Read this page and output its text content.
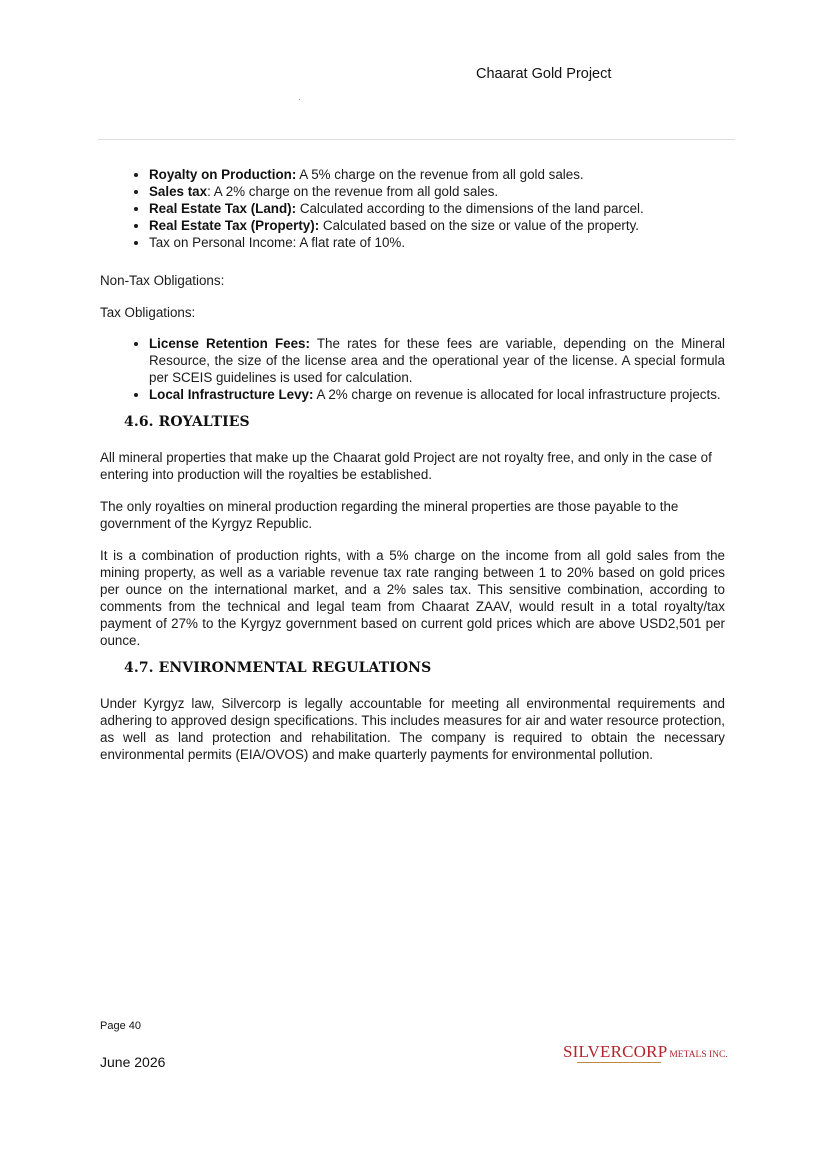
Chaarat Gold Project
• Royalty on Production: A 5% charge on the revenue from all gold sales.
• Sales tax: A 2% charge on the revenue from all gold sales.
• Real Estate Tax (Land): Calculated according to the dimensions of the land parcel.
• Real Estate Tax (Property): Calculated based on the size or value of the property.
• Tax on Personal Income: A flat rate of 10%.

Non-Tax Obligations:

Tax Obligations:

• License Retention Fees: The rates for these fees are variable, depending on the Mineral Resource, the size of the license area and the operational year of the license. A special formula per SCEIS guidelines is used for calculation.
• Local Infrastructure Levy: A 2% charge on revenue is allocated for local infrastructure projects.
4.6. ROYALTIES

All mineral properties that make up the Chaarat gold Project are not royalty free, and only in the case of entering into production will the royalties be established.

The only royalties on mineral production regarding the mineral properties are those payable to the government of the Kyrgyz Republic.

It is a combination of production rights, with a 5% charge on the income from all gold sales from the mining property, as well as a variable revenue tax rate ranging between 1 to 20% based on gold prices per ounce on the international market, and a 2% sales tax. This sensitive combination, according to comments from the technical and legal team from Chaarat ZAAV, would result in a total royalty/tax payment of 27% to the Kyrgyz government based on current gold prices which are above USD2,501 per ounce.

4.7. ENVIRONMENTAL REGULATIONS

Under Kyrgyz law, Silvercorp is legally accountable for meeting all environmental requirements and adhering to approved design specifications. This includes measures for air and water resource protection, as well as land protection and rehabilitation. The company is required to obtain the necessary environmental permits (EIA/OVOS) and make quarterly payments for environmental pollution.

Page 40
June 2026
SILVERCORP METALS INC.
